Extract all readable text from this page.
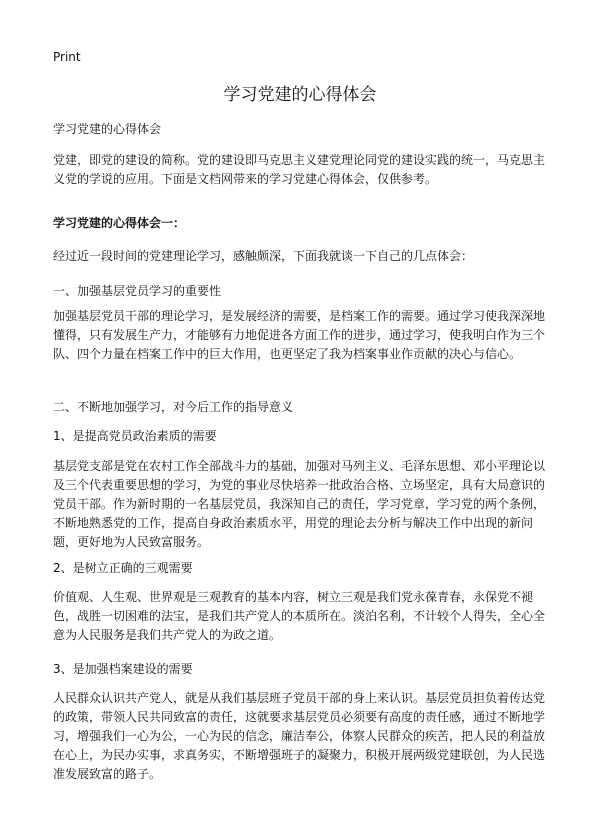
Print
学习党建的心得体会
学习党建的心得体会
党建，即党的建设的简称。党的建设即马克思主义建党理论同党的建设实践的统一，马克思主义党的学说的应用。下面是文档网带来的学习党建心得体会，仅供参考。
学习党建的心得体会一：
经过近一段时间的党建理论学习，感触颇深，下面我就谈一下自己的几点体会：
一、加强基层党员学习的重要性
加强基层党员干部的理论学习，是发展经济的需要，是档案工作的需要。通过学习使我深深地懂得，只有发展生产力，才能够有力地促进各方面工作的进步，通过学习，使我明白作为三个队、四个力量在档案工作中的巨大作用，也更坚定了我为档案事业作贡献的决心与信心。
二、不断地加强学习，对今后工作的指导意义
1、是提高党员政治素质的需要
基层党支部是党在农村工作全部战斗力的基础，加强对马列主义、毛泽东思想、邓小平理论以及三个代表重要思想的学习，为党的事业尽快培养一批政治合格、立场坚定，具有大局意识的党员干部。作为新时期的一名基层党员，我深知自己的责任，学习党章，学习党的两个条例，不断地熟悉党的工作，提高自身政治素质水平，用党的理论去分析与解决工作中出现的新问题，更好地为人民致富服务。
2、是树立正确的三观需要
价值观、人生观、世界观是三观教育的基本内容，树立三观是我们党永葆青春，永保党不褪色，战胜一切困难的法宝，是我们共产党人的本质所在。淡泊名利，不计较个人得失，全心全意为人民服务是我们共产党人的为政之道。
3、是加强档案建设的需要
人民群众认识共产党人，就是从我们基层班子党员干部的身上来认识。基层党员担负着传达党的政策，带领人民共同致富的责任，这就要求基层党员必须要有高度的责任感，通过不断地学习，增强我们一心为公，一心为民的信念，廉洁奉公，体察人民群众的疾苦，把人民的利益放在心上，为民办实事，求真务实，不断增强班子的凝聚力，积极开展两级党建联创，为人民选准发展致富的路子。
